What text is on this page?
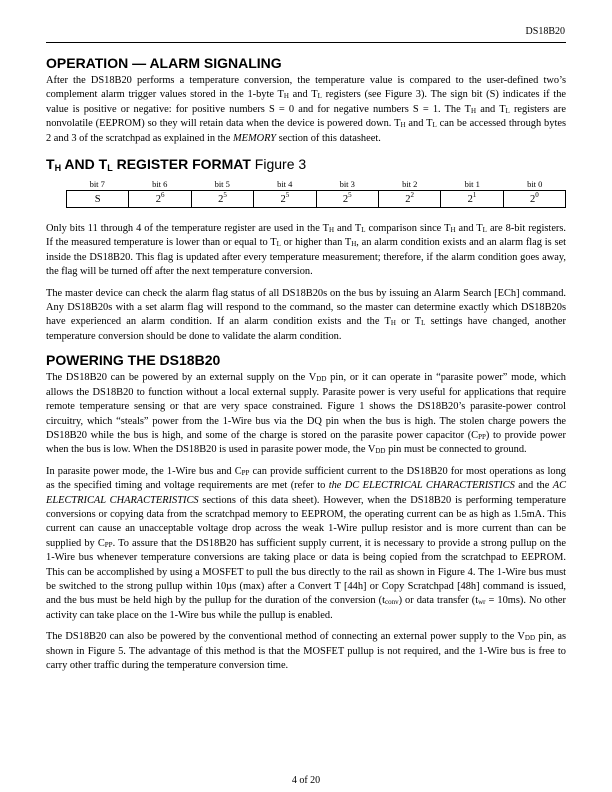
DS18B20
OPERATION — ALARM SIGNALING

After the DS18B20 performs a temperature conversion, the temperature value is compared to the user-defined two’s complement alarm trigger values stored in the 1-byte $T_H$ and $T_L$ registers (see Figure 3). The sign bit (S) indicates if the value is positive or negative: for positive numbers S = 0 and for negative numbers S = 1. The $T_H$ and $T_L$ registers are nonvolatile (EEPROM) so they will retain data when the device is powered down. $T_H$ and $T_L$ can be accessed through bytes 2 and 3 of the scratchpad as explained in the MEMORY section of this datasheet.

$T_H$ AND $T_L$ REGISTER FORMAT Figure 3
bit 7	bit 6	bit 5	bit 4	bit 3	bit 2	bit 1	bit 0
S	$2^6$	$2^5$	$2^5$	$2^5$	$2^2$	$2^1$	$2^0$

Only bits 11 through 4 of the temperature register are used in the $T_H$ and $T_L$ comparison since $T_H$ and $T_L$ are 8-bit registers. If the measured temperature is lower than or equal to $T_L$ or higher than $T_H$, an alarm condition exists and an alarm flag is set inside the DS18B20. This flag is updated after every temperature measurement; therefore, if the alarm condition goes away, the flag will be turned off after the next temperature conversion.

The master device can check the alarm flag status of all DS18B20s on the bus by issuing an Alarm Search [ECh] command. Any DS18B20s with a set alarm flag will respond to the command, so the master can determine exactly which DS18B20s have experienced an alarm condition. If an alarm condition exists and the $T_H$ or $T_L$ settings have changed, another temperature conversion should be done to validate the alarm condition.

POWERING THE DS18B20

The DS18B20 can be powered by an external supply on the $V_{DD}$ pin, or it can operate in “parasite power” mode, which allows the DS18B20 to function without a local external supply. Parasite power is very useful for applications that require remote temperature sensing or that are very space constrained. Figure 1 shows the DS18B20’s parasite-power control circuitry, which “steals” power from the 1-Wire bus via the DQ pin when the bus is high. The stolen charge powers the DS18B20 while the bus is high, and some of the charge is stored on the parasite power capacitor $(C_{PP})$ to provide power when the bus is low. When the DS18B20 is used in parasite power mode, the $V_{DD}$ pin must be connected to ground.

In parasite power mode, the 1-Wire bus and $C_{PP}$ can provide sufficient current to the DS18B20 for most operations as long as the specified timing and voltage requirements are met (refer to the DC ELECTRICAL CHARACTERISTICS and the AC ELECTRICAL CHARACTERISTICS sections of this data sheet). However, when the DS18B20 is performing temperature conversions or copying data from the scratchpad memory to EEPROM, the operating current can be as high as 1.5mA. This current can cause an unacceptable voltage drop across the weak 1-Wire pullup resistor and is more current than can be supplied by $C_{PP}$. To assure that the DS18B20 has sufficient supply current, it is necessary to provide a strong pullup on the 1-Wire bus whenever temperature conversions are taking place or data is being copied from the scratchpad to EEPROM. This can be accomplished by using a MOSFET to pull the bus directly to the rail as shown in Figure 4. The 1-Wire bus must be switched to the strong pullup within 10µs (max) after a Convert T [44h] or Copy Scratchpad [48h] command is issued, and the bus must be held high by the pullup for the duration of the conversion $(t_{conv})$ or data transfer $(t_{wr} = 10ms)$. No other activity can take place on the 1-Wire bus while the pullup is enabled.

The DS18B20 can also be powered by the conventional method of connecting an external power supply to the $V_{DD}$ pin, as shown in Figure 5. The advantage of this method is that the MOSFET pullup is not required, and the 1-Wire bus is free to carry other traffic during the temperature conversion time.

4 of 20
